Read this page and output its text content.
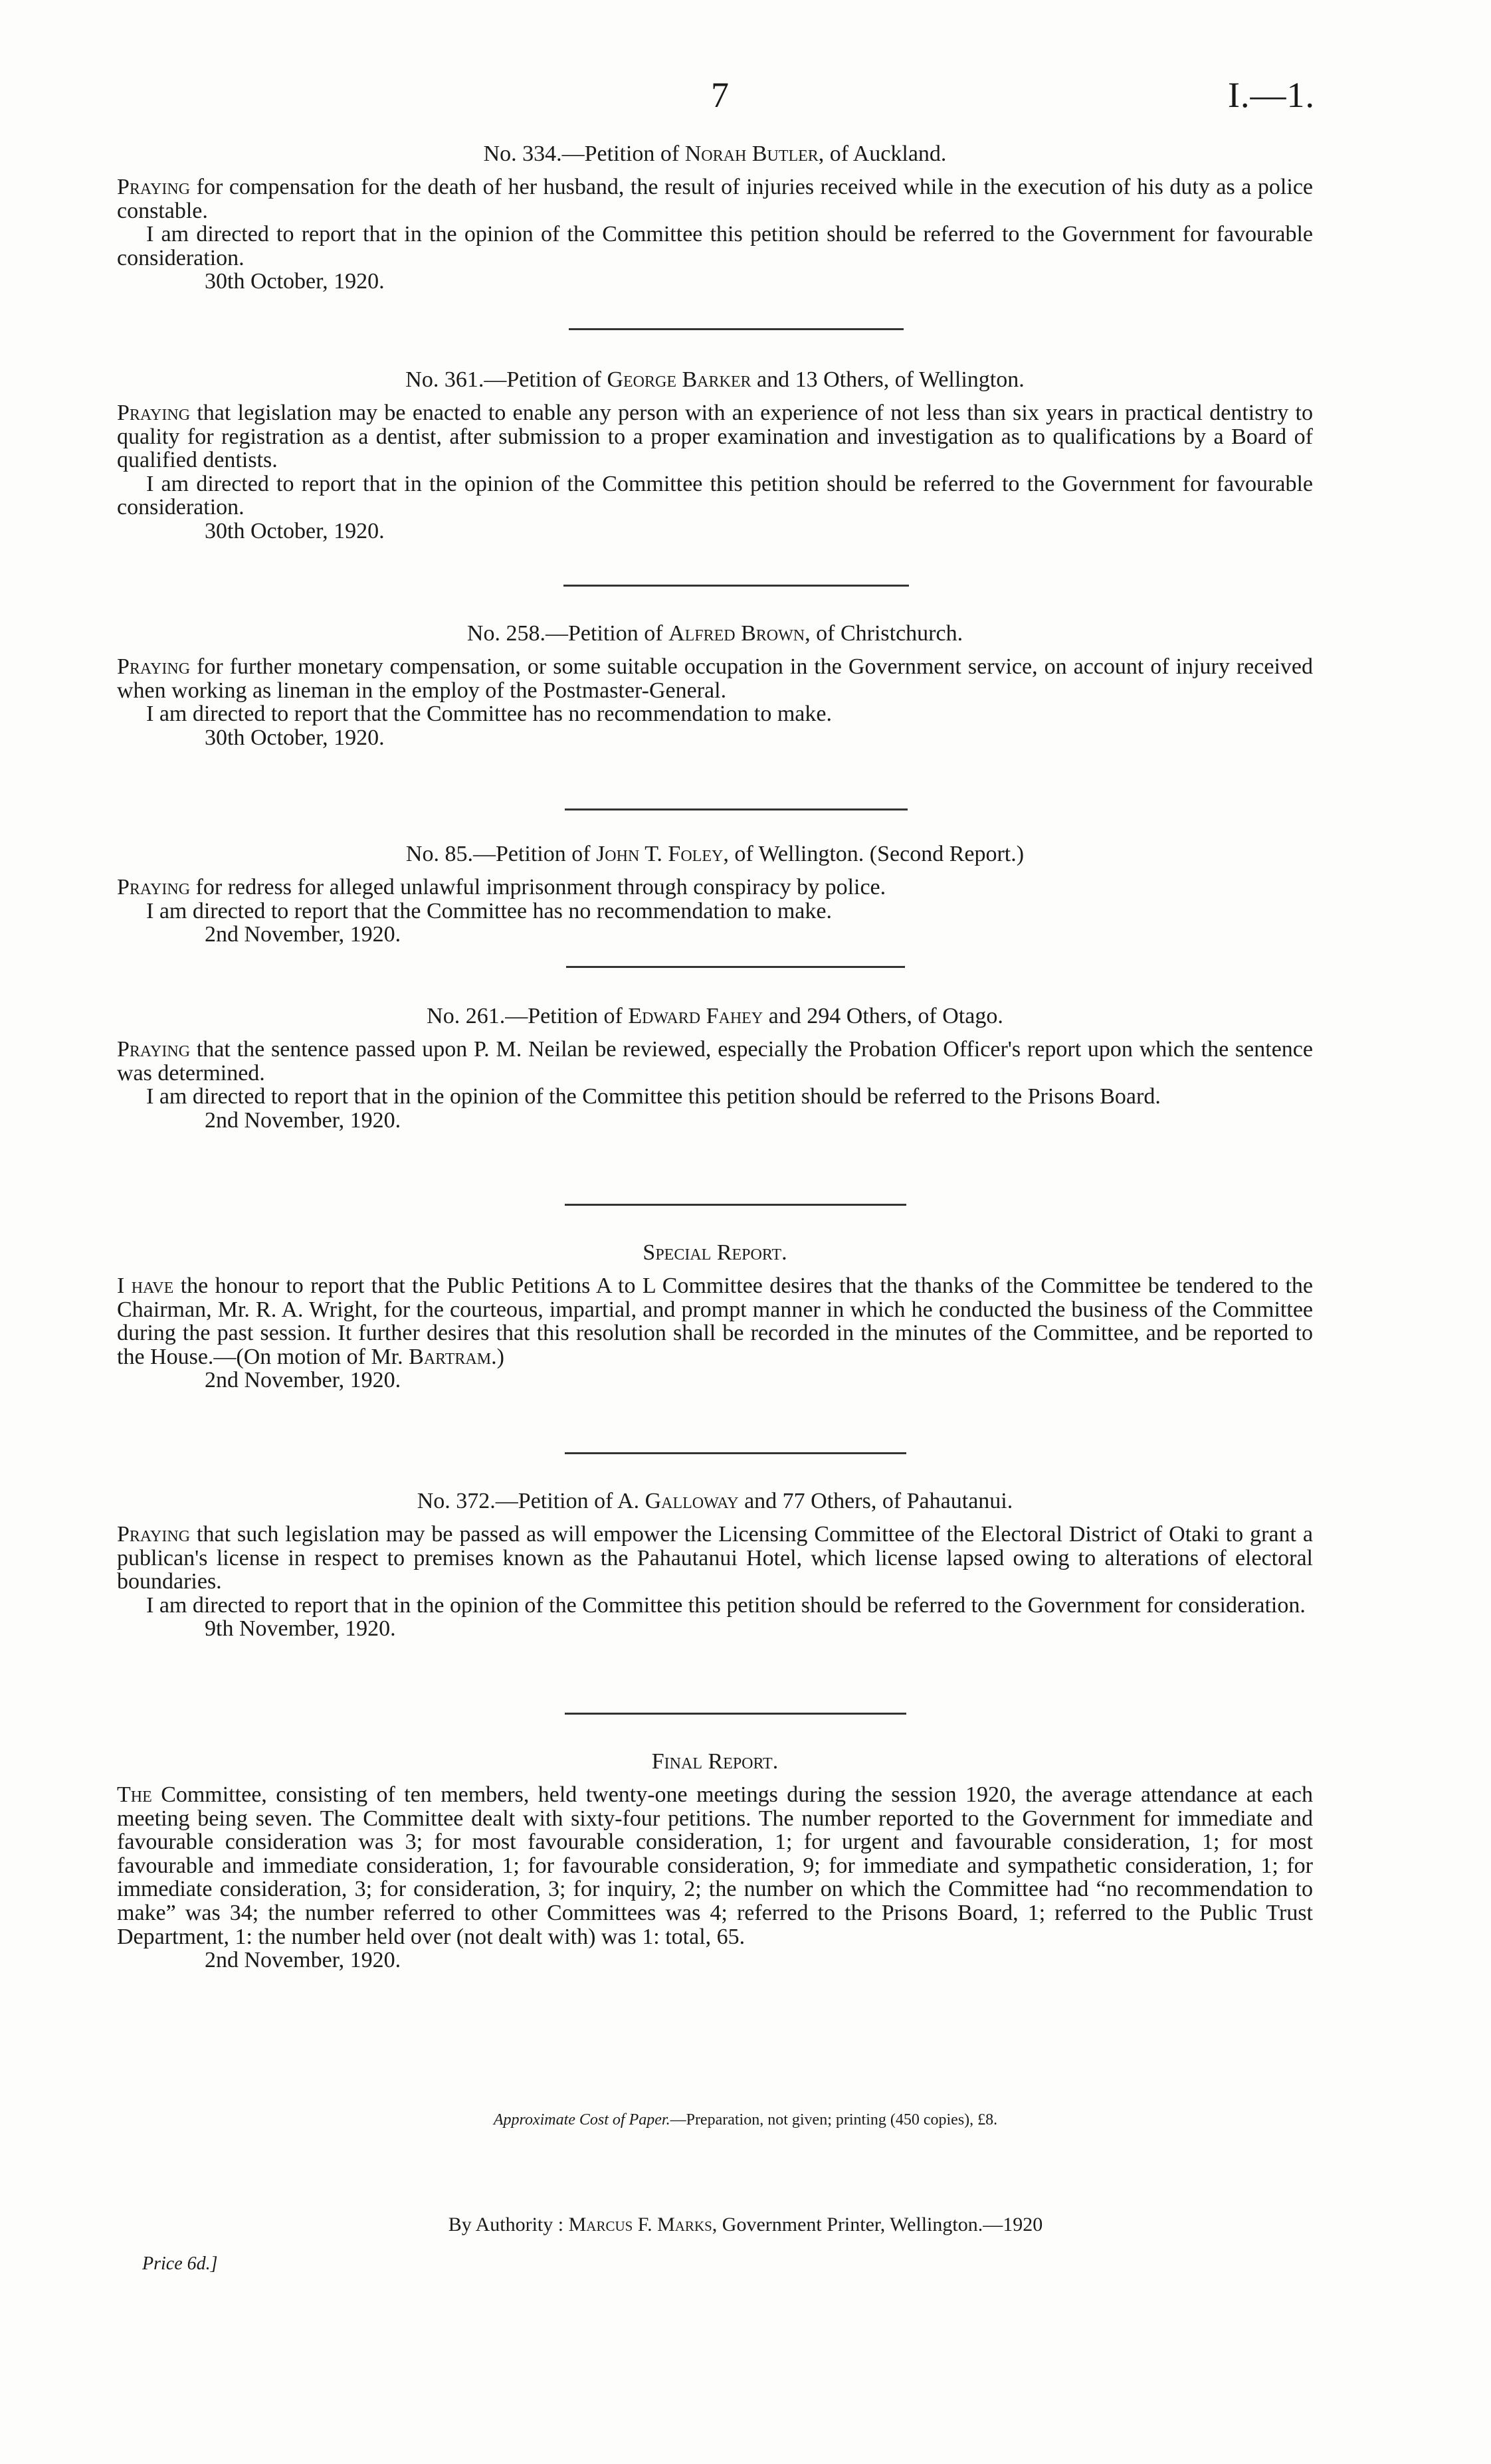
7	I.—1.
No. 334.—Petition of Norah Butler, of Auckland.

Praying for compensation for the death of her husband, the result of injuries received while in the execution of his duty as a police constable.

I am directed to report that in the opinion of the Committee this petition should be referred to the Government for favourable consideration.

30th October, 1920.

No. 361.—Petition of George Barker and 13 Others, of Wellington.

Praying that legislation may be enacted to enable any person with an experience of not less than six years in practical dentistry to quality for registration as a dentist, after submission to a proper examination and investigation as to qualifications by a Board of qualified dentists.

I am directed to report that in the opinion of the Committee this petition should be referred to the Government for favourable consideration.

30th October, 1920.

No. 258.—Petition of Alfred Brown, of Christchurch.

Praying for further monetary compensation, or some suitable occupation in the Government service, on account of injury received when working as lineman in the employ of the Postmaster-General.

I am directed to report that the Committee has no recommendation to make.

30th October, 1920.

No. 85.—Petition of John T. Foley, of Wellington. (Second Report.)

Praying for redress for alleged unlawful imprisonment through conspiracy by police.

I am directed to report that the Committee has no recommendation to make.

2nd November, 1920.

No. 261.—Petition of Edward Fahey and 294 Others, of Otago.

Praying that the sentence passed upon P. M. Neilan be reviewed, especially the Probation Officer's report upon which the sentence was determined.

I am directed to report that in the opinion of the Committee this petition should be referred to the Prisons Board.

2nd November, 1920.

Special Report.

I have the honour to report that the Public Petitions A to L Committee desires that the thanks of the Committee be tendered to the Chairman, Mr. R. A. Wright, for the courteous, impartial, and prompt manner in which he conducted the business of the Committee during the past session. It further desires that this resolution shall be recorded in the minutes of the Committee, and be reported to the House.—(On motion of Mr. Bartram.)

2nd November, 1920.

No. 372.—Petition of A. Galloway and 77 Others, of Pahautanui.

Praying that such legislation may be passed as will empower the Licensing Committee of the Electoral District of Otaki to grant a publican's license in respect to premises known as the Pahautanui Hotel, which license lapsed owing to alterations of electoral boundaries.

I am directed to report that in the opinion of the Committee this petition should be referred to the Government for consideration.

9th November, 1920.

Final Report.

The Committee, consisting of ten members, held twenty-one meetings during the session 1920, the average attendance at each meeting being seven. The Committee dealt with sixty-four petitions. The number reported to the Government for immediate and favourable consideration was 3; for most favourable consideration, 1; for urgent and favourable consideration, 1; for most favourable and immediate consideration, 1; for favourable consideration, 9; for immediate and sympathetic consideration, 1; for immediate consideration, 3; for consideration, 3; for inquiry, 2; the number on which the Committee had “no recommendation to make” was 34; the number referred to other Committees was 4; referred to the Prisons Board, 1; referred to the Public Trust Department, 1: the number held over (not dealt with) was 1: total, 65.

2nd November, 1920.

Approximate Cost of Paper.—Preparation, not given; printing (450 copies), £8.
By Authority : Marcus F. Marks, Government Printer, Wellington.—1920
Price 6d.]
